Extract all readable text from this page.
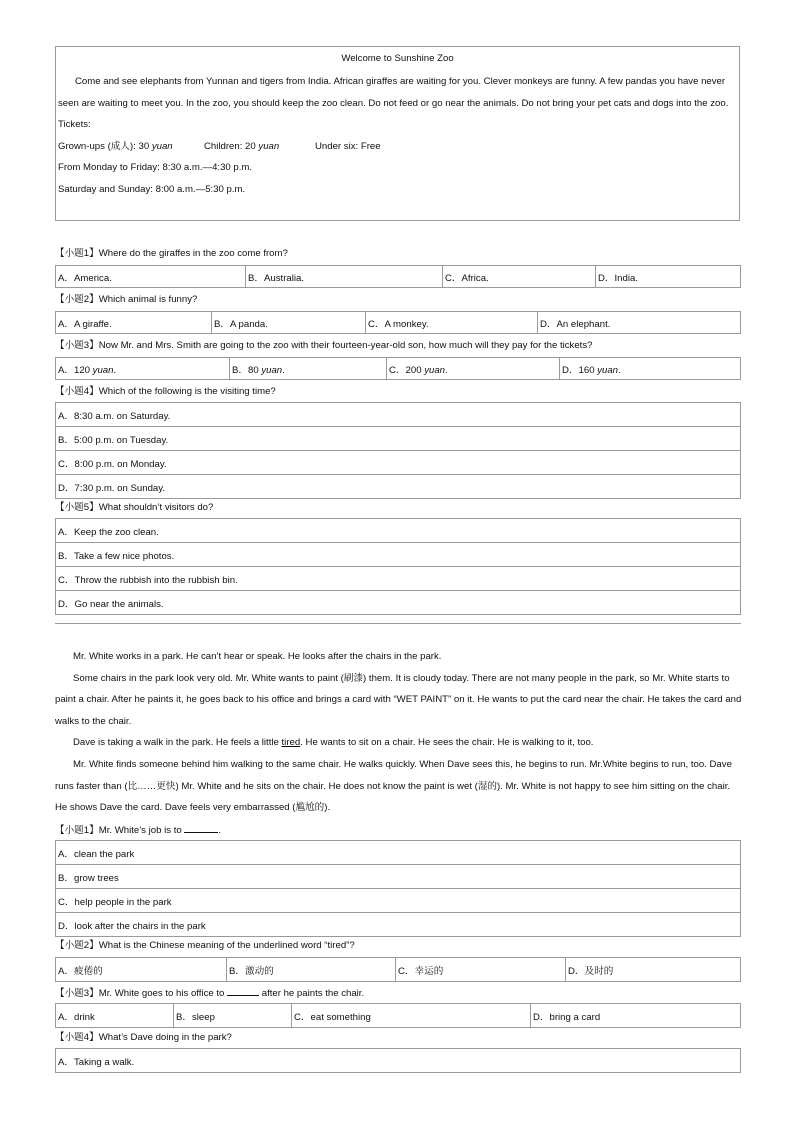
Welcome to Sunshine Zoo

Come and see elephants from Yunnan and tigers from India. African giraffes are waiting for you. Clever monkeys are funny. A few pandas you have never seen are waiting to meet you. In the zoo, you should keep the zoo clean. Do not feed or go near the animals. Do not bring your pet cats and dogs into the zoo.

Tickets:

Grown-ups (成人): 30 yuan	Children: 20 yuan	Under six: Free

From Monday to Friday: 8:30 a.m.—4:30 p.m.

Saturday and Sunday: 8:00 a.m.—5:30 p.m.

【小题1】Where do the giraffes in the zoo come from?
A．America.	B．Australia.	C．Africa.	D．India.
【小题2】Which animal is funny?
A．A giraffe.	B．A panda.	C．A monkey.	D．An elephant.
【小题3】Now Mr. and Mrs. Smith are going to the zoo with their fourteen-year-old son, how much will they pay for the tickets?
A．120 yuan.	B．80 yuan.	C．200 yuan.	D．160 yuan.
【小题4】Which of the following is the visiting time?
A．8:30 a.m. on Saturday.
B．5:00 p.m. on Tuesday.
C．8:00 p.m. on Monday.
D．7:30 p.m. on Sunday.
【小题5】What shouldn’t visitors do?
A．Keep the zoo clean.
B．Take a few nice photos.
C．Throw the rubbish into the rubbish bin.
D．Go near the animals.

Mr. White works in a park. He can’t hear or speak. He looks after the chairs in the park.

Some chairs in the park look very old. Mr. White wants to paint (刷漆) them. It is cloudy today. There are not many people in the park, so Mr. White starts to paint a chair. After he paints it, he goes back to his office and brings a card with “WET PAINT” on it. He wants to put the card near the chair. He takes the card and walks to the chair.

Dave is taking a walk in the park. He feels a little tired. He wants to sit on a chair. He sees the chair. He is walking to it, too.

Mr. White finds someone behind him walking to the same chair. He walks quickly. When Dave sees this, he begins to run. Mr.White begins to run, too. Dave runs faster than (比……更快) Mr. White and he sits on the chair. He does not know the paint is wet (湿的). Mr. White is not happy to see him sitting on the chair. He shows Dave the card. Dave feels very embarrassed (尴尬的).

【小题1】Mr. White’s job is to	.
A．clean the park
B．grow trees
C．help people in the park
D．look after the chairs in the park
【小题2】What is the Chinese meaning of the underlined word “tired”?
A．疲倦的	B．激动的	C．幸运的	D．及时的
【小题3】Mr. White goes to his office to	after he paints the chair.
A．drink	B．sleep	C．eat something	D．bring a card
【小题4】What’s Dave doing in the park?
A．Taking a walk.
